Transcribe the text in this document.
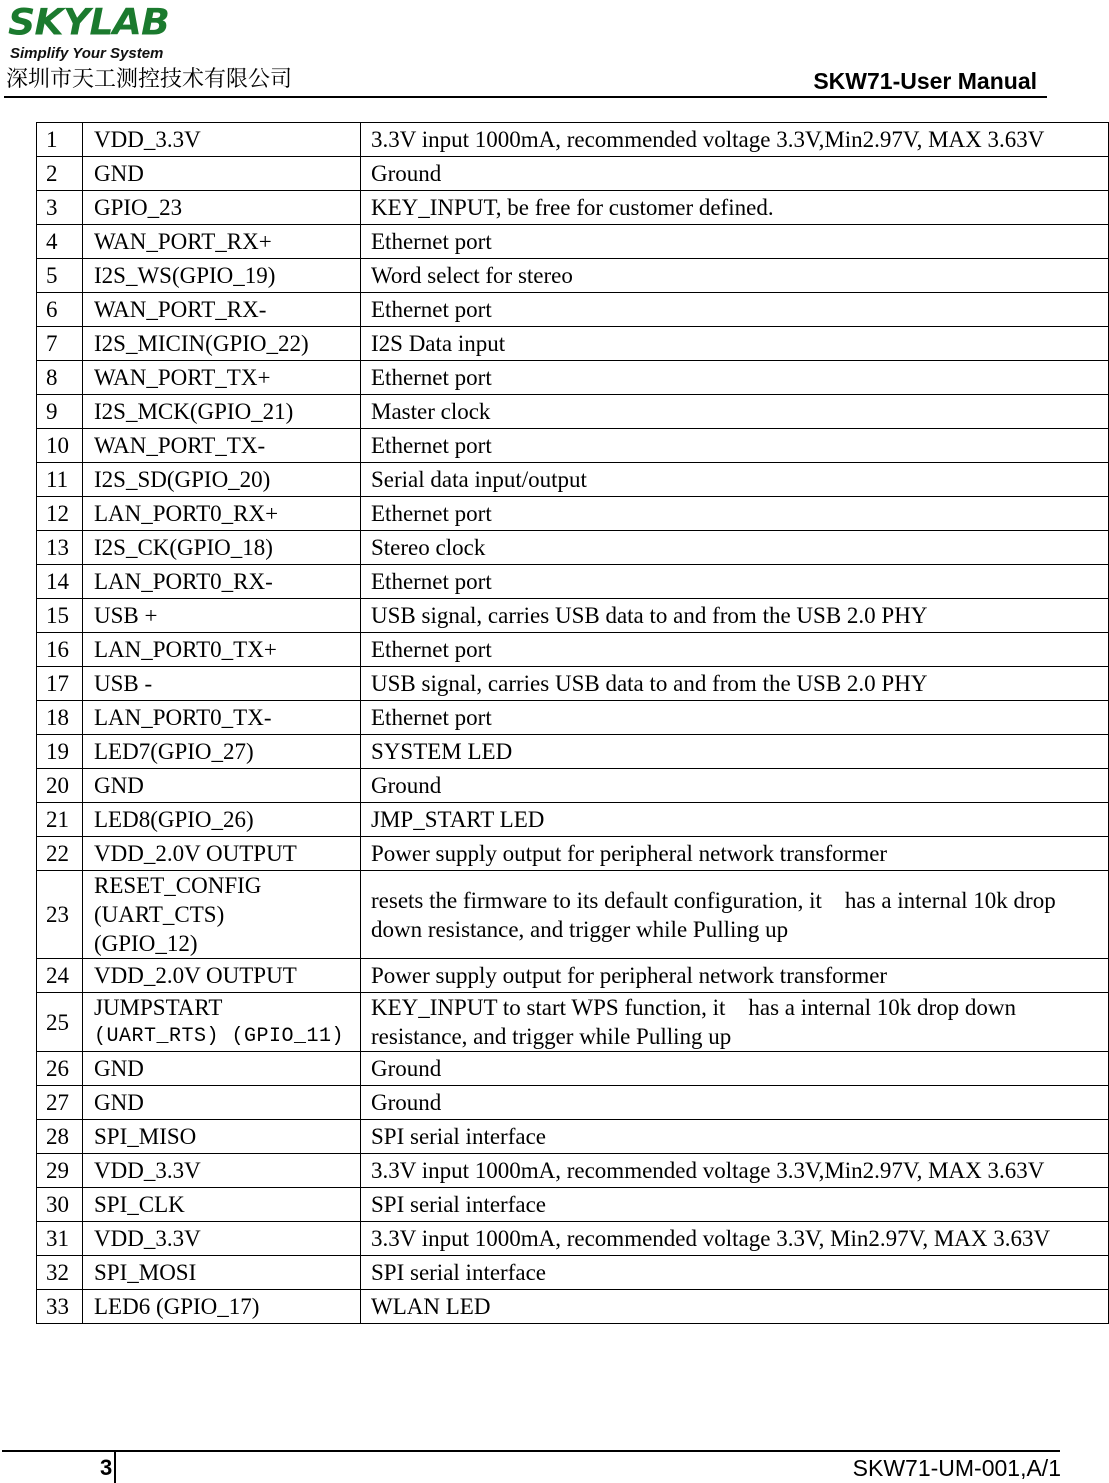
SKYLAB
Simplify Your System
深圳市天工测控技术有限公司	SKW71-User Manual
1	VDD_3.3V	3.3V input 1000mA, recommended voltage 3.3V,Min2.97V, MAX 3.63V
2	GND	Ground
3	GPIO_23	KEY_INPUT, be free for customer defined.
4	WAN_PORT_RX+	Ethernet port
5	I2S_WS(GPIO_19)	Word select for stereo
6	WAN_PORT_RX-	Ethernet port
7	I2S_MICIN(GPIO_22)	I2S Data input
8	WAN_PORT_TX+	Ethernet port
9	I2S_MCK(GPIO_21)	Master clock
10	WAN_PORT_TX-	Ethernet port
11	I2S_SD(GPIO_20)	Serial data input/output
12	LAN_PORT0_RX+	Ethernet port
13	I2S_CK(GPIO_18)	Stereo clock
14	LAN_PORT0_RX-	Ethernet port
15	USB +	USB signal, carries USB data to and from the USB 2.0 PHY
16	LAN_PORT0_TX+	Ethernet port
17	USB -	USB signal, carries USB data to and from the USB 2.0 PHY
18	LAN_PORT0_TX-	Ethernet port
19	LED7(GPIO_27)	SYSTEM LED
20	GND	Ground
21	LED8(GPIO_26)	JMP_START LED
22	VDD_2.0V OUTPUT	Power supply output for peripheral network transformer
23	RESET_CONFIG
(UART_CTS)
(GPIO_12)	resets the firmware to its default configuration, it    has a internal 10k drop down resistance, and trigger while Pulling up
24	VDD_2.0V OUTPUT	Power supply output for peripheral network transformer
25	JUMPSTART
(UART_RTS) (GPIO_11)	KEY_INPUT to start WPS function, it    has a internal 10k drop down resistance, and trigger while Pulling up
26	GND	Ground
27	GND	Ground
28	SPI_MISO	SPI serial interface
29	VDD_3.3V	3.3V input 1000mA, recommended voltage 3.3V,Min2.97V, MAX 3.63V
30	SPI_CLK	SPI serial interface
31	VDD_3.3V	3.3V input 1000mA, recommended voltage 3.3V, Min2.97V, MAX 3.63V
32	SPI_MOSI	SPI serial interface
33	LED6 (GPIO_17)	WLAN LED
3	SKW71-UM-001,A/1
